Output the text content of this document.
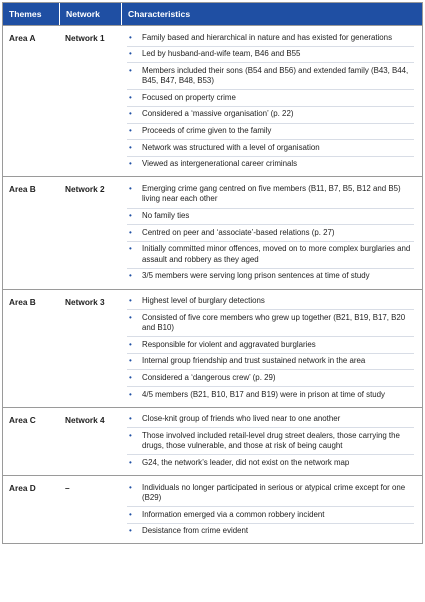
Themes	Network	Characteristics
Area A	Network 1	•	Family based and hierarchical in nature and has existed for generations
•	Led by husband-and-wife team, B46 and B55
•	Members included their sons (B54 and B56) and extended family (B43, B44, B45, B47, B48, B53)
•	Focused on property crime
•	Considered a ‘massive organisation’ (p. 22)
•	Proceeds of crime given to the family
•	Network was structured with a level of organisation
•	Viewed as intergenerational career criminals
Area B	Network 2	•	Emerging crime gang centred on five members (B11, B7, B5, B12 and B5) living near each other
•	No family ties
•	Centred on peer and ‘associate’-based relations (p. 27)
•	Initially committed minor offences, moved on to more complex burglaries and assault and robbery as they aged
•	3/5 members were serving long prison sentences at time of study
Area B	Network 3	•	Highest level of burglary detections
•	Consisted of five core members who grew up together (B21, B19, B17, B20 and B10)
•	Responsible for violent and aggravated burglaries
•	Internal group friendship and trust sustained network in the area
•	Considered a ‘dangerous crew’ (p. 29)
•	4/5 members (B21, B10, B17 and B19) were in prison at time of study
Area C	Network 4	•	Close-knit group of friends who lived near to one another
•	Those involved included retail-level drug street dealers, those carrying the drugs, those vulnerable, and those at risk of being caught
•	G24, the network’s leader, did not exist on the network map
Area D	–	•	Individuals no longer participated in serious or atypical crime except for one (B29)
•	Information emerged via a common robbery incident
•	Desistance from crime evident
